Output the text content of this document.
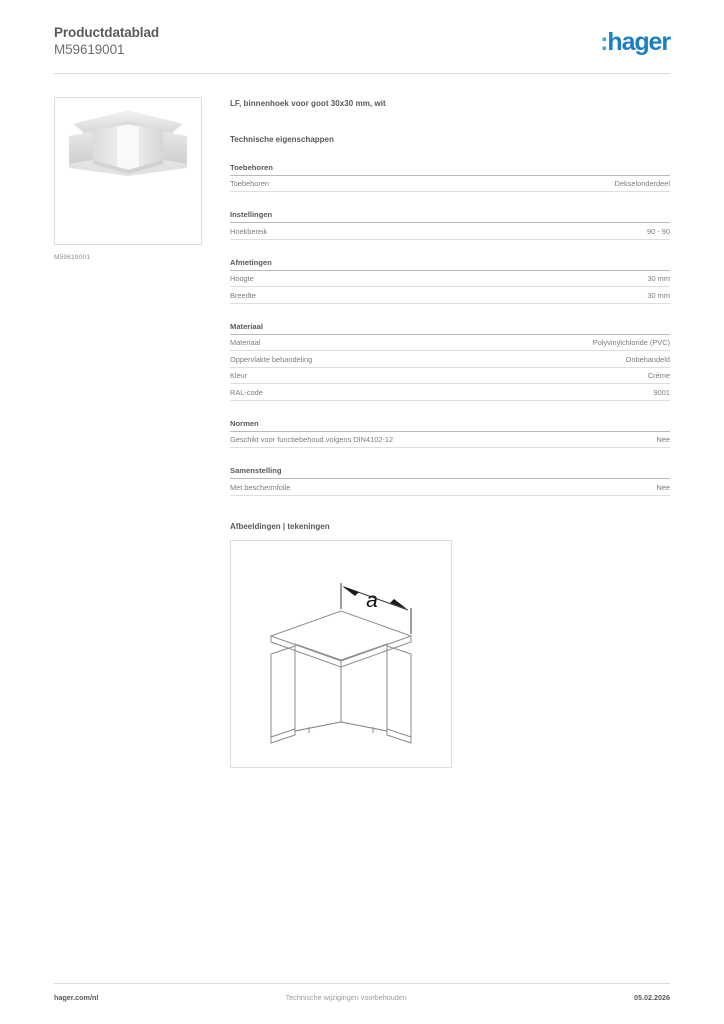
Productdatablad
M59619001	:hager
M59619001
LF, binnenhoek voor goot 30x30 mm, wit
Technische eigenschappen
Toebehoren
Toebehoren	Dekselonderdeel
Instellingen
Hoekbereik	90 - 90
Afmetingen
Hoogte	30 mm
Breedte	30 mm
Materiaal
Materiaal	Polyvinylchloride (PVC)
Oppervlakte behandeling	Onbehandeld
Kleur	Crème
RAL-code	9001
Normen
Geschikt voor functiebehoud volgens DIN4102-12	Nee
Samenstelling
Met beschermfolie	Nee
Afbeeldingen | tekeningen
a
hager.com/nl	Technische wijzigingen voorbehouden	05.02.2026
